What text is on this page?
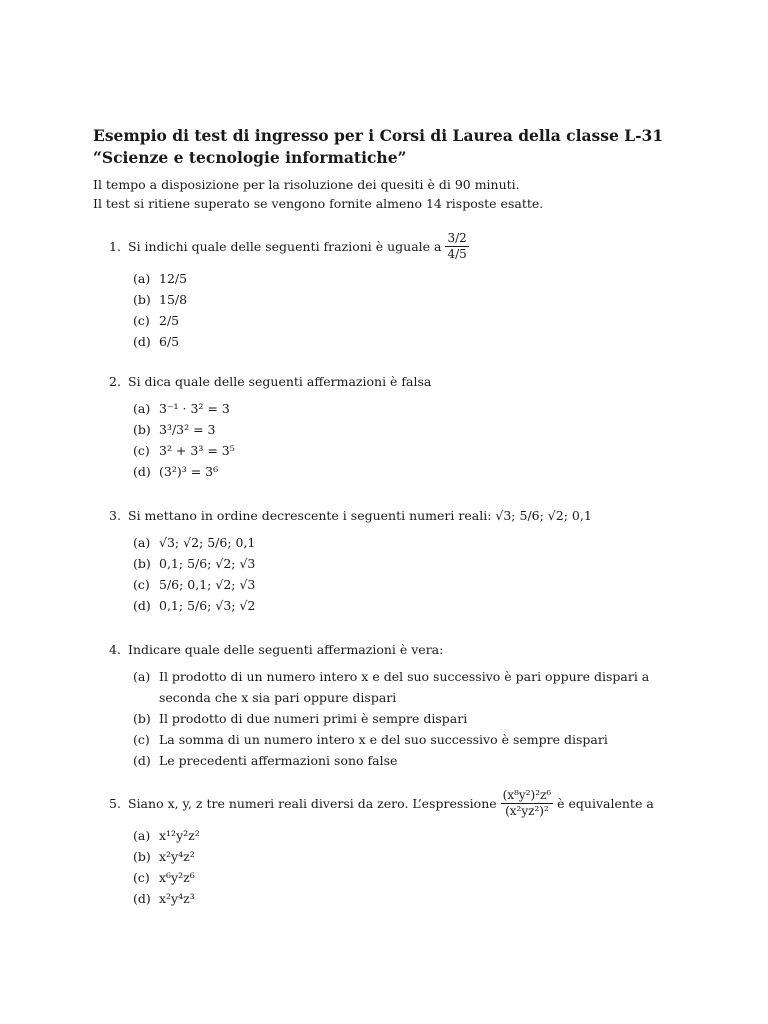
Esempio di test di ingresso per i Corsi di Laurea della classe L-31
“Scienze e tecnologie informatiche”
Il tempo a disposizione per la risoluzione dei quesiti è di 90 minuti.
Il test si ritiene superato se vengono fornite almeno 14 risposte esatte.
1. Si indichi quale delle seguenti frazioni è uguale a $\frac{3/2}{4/5}$
(a) 12/5
(b) 15/8
(c) 2/5
(d) 6/5
2. Si dica quale delle seguenti affermazioni è falsa
(a) 3⁻¹ · 3² = 3
(b) 3³/3² = 3
(c) 3² + 3³ = 3⁵
(d) (3²)³ = 3⁶
3. Si mettano in ordine decrescente i seguenti numeri reali: √3; 5/6; √2; 0,1
(a) √3; √2; 5/6; 0,1
(b) 0,1; 5/6; √2; √3
(c) 5/6; 0,1; √2; √3
(d) 0,1; 5/6; √3; √2
4. Indicare quale delle seguenti affermazioni è vera:
(a) Il prodotto di un numero intero x e del suo successivo è pari oppure dispari a seconda che x sia pari oppure dispari
(b) Il prodotto di due numeri primi è sempre dispari
(c) La somma di un numero intero x e del suo successivo è sempre dispari
(d) Le precedenti affermazioni sono false
5. Siano x, y, z tre numeri reali diversi da zero. L’espressione $\frac{\text{(x⁸y²)²z⁶}}{\text{(x²yz²)²}}$ è equivalente a
(a) x¹²y²z²
(b) x²y⁴z²
(c) x⁶y²z⁶
(d) x²y⁴z³
